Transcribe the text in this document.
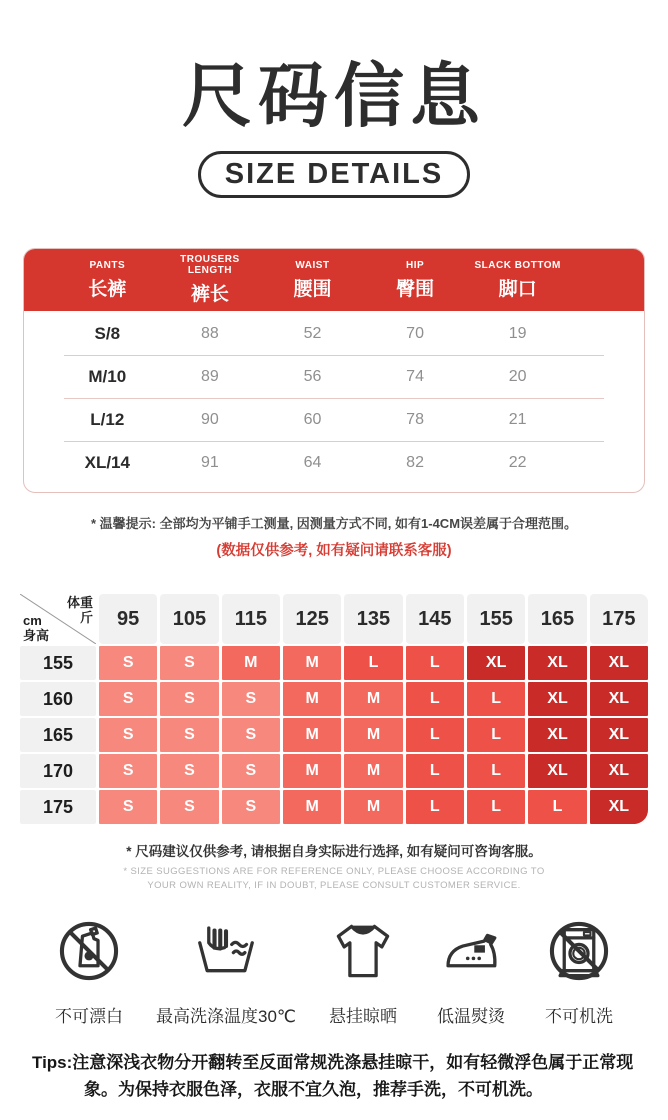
尺码信息
SIZE DETAILS
PANTS
长裤
TROUSERS LENGTH
裤长
WAIST
腰围
HIP
臀围
SLACK BOTTOM
脚口
S/8	88	52	70	19
M/10	89	56	74	20
L/12	90	60	78	21
XL/14	91	64	82	22
* 温馨提示: 全部均为平铺手工测量, 因测量方式不同, 如有1-4CM误差属于合理范围。
(数据仅供参考, 如有疑问请联系客服)
体重
斤
cm
身高
95	105	115	125	135	145	155	165	175
155	S	S	M	M	L	L	XL	XL	XL
160	S	S	S	M	M	L	L	XL	XL
165	S	S	S	M	M	L	L	XL	XL
170	S	S	S	M	M	L	L	XL	XL
175	S	S	S	M	M	L	L	L	XL
* 尺码建议仅供参考, 请根据自身实际进行选择, 如有疑问可咨询客服。
* SIZE SUGGESTIONS ARE FOR REFERENCE ONLY, PLEASE CHOOSE ACCORDING TO
YOUR OWN REALITY, IF IN DOUBT, PLEASE CONSULT CUSTOMER SERVICE.
不可漂白	最高洗涤温度30℃	悬挂晾晒	低温熨烫	不可机洗

Tips:注意深浅衣物分开翻转至反面常规洗涤悬挂晾干，如有轻微浮色属于正常现象。为保持衣服色泽，衣服不宜久泡，推荐手洗，不可机洗。
